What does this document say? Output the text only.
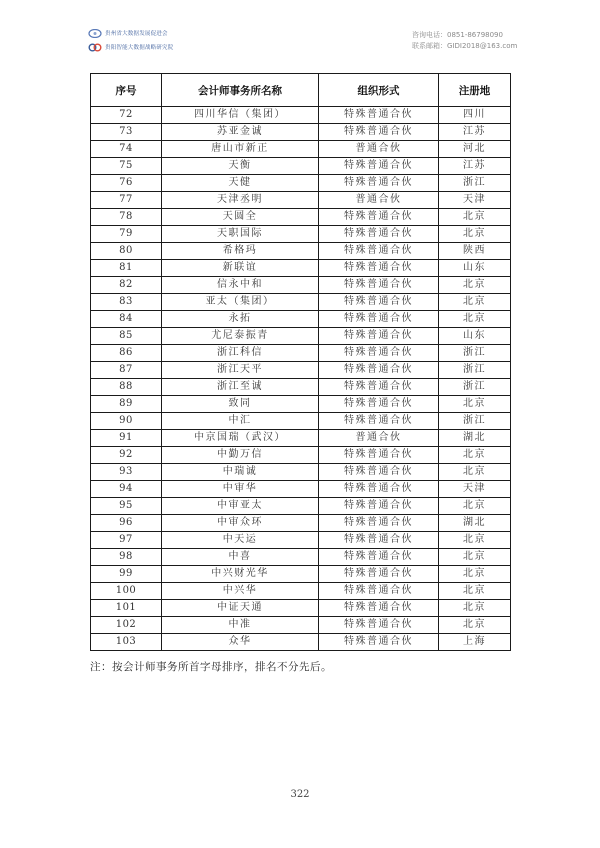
贵州省大数据发展促进会
贵阳智能大数据战略研究院
咨询电话：0851-86798090
联系邮箱：GIDI2018@163.com
序号	会计师事务所名称	组织形式	注册地
72	四川华信（集团）	特殊普通合伙	四川
73	苏亚金诚	特殊普通合伙	江苏
74	唐山市新正	普通合伙	河北
75	天衡	特殊普通合伙	江苏
76	天健	特殊普通合伙	浙江
77	天津丞明	普通合伙	天津
78	天圆全	特殊普通合伙	北京
79	天职国际	特殊普通合伙	北京
80	希格玛	特殊普通合伙	陕西
81	新联谊	特殊普通合伙	山东
82	信永中和	特殊普通合伙	北京
83	亚太（集团）	特殊普通合伙	北京
84	永拓	特殊普通合伙	北京
85	尤尼泰振青	特殊普通合伙	山东
86	浙江科信	特殊普通合伙	浙江
87	浙江天平	特殊普通合伙	浙江
88	浙江至诚	特殊普通合伙	浙江
89	致同	特殊普通合伙	北京
90	中汇	特殊普通合伙	浙江
91	中京国瑞（武汉）	普通合伙	湖北
92	中勤万信	特殊普通合伙	北京
93	中瑞诚	特殊普通合伙	北京
94	中审华	特殊普通合伙	天津
95	中审亚太	特殊普通合伙	北京
96	中审众环	特殊普通合伙	湖北
97	中天运	特殊普通合伙	北京
98	中喜	特殊普通合伙	北京
99	中兴财光华	特殊普通合伙	北京
100	中兴华	特殊普通合伙	北京
101	中证天通	特殊普通合伙	北京
102	中准	特殊普通合伙	北京
103	众华	特殊普通合伙	上海
注：按会计师事务所首字母排序，排名不分先后。
322
